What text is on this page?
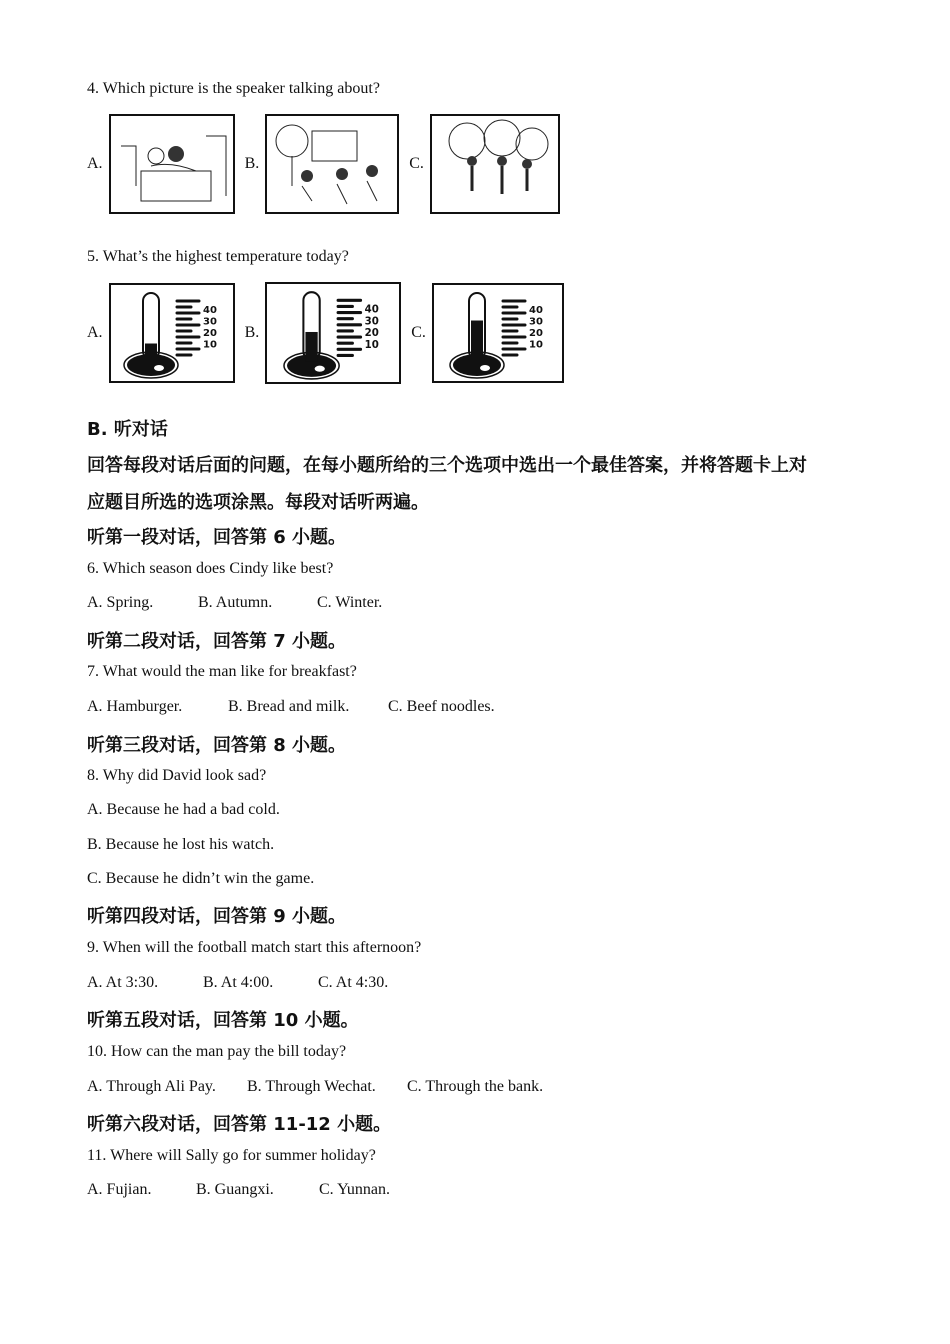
4. Which picture is the speaker talking about?
A.	B.	C.
5. What’s the highest temperature today?
A.
40
30
20
10
B.
40
30
20
10
C.
40
30
20
10
B. 听对话
回答每段对话后面的问题，在每小题所给的三个选项中选出一个最佳答案，并将答题卡上对
应题目所选的选项涂黑。每段对话听两遍。
听第一段对话，回答第 6 小题。
6. Which season does Cindy like best?
A. Spring.	B. Autumn.	C. Winter.
听第二段对话，回答第 7 小题。
7. What would the man like for breakfast?
A. Hamburger.	B. Bread and milk. C. Beef noodles.
听第三段对话，回答第 8 小题。
8. Why did David look sad?
A. Because he had a bad cold.
B. Because he lost his watch.
C. Because he didn’t win the game.
听第四段对话，回答第 9 小题。
9. When will the football match start this afternoon?
A. At 3:30.	B. At 4:00.	C. At 4:30.
听第五段对话，回答第 10 小题。
10. How can the man pay the bill today?
A. Through Ali Pay. B. Through Wechat. C. Through the bank.
听第六段对话，回答第 11-12 小题。
11. Where will Sally go for summer holiday?
A. Fujian.	B. Guangxi.	C. Yunnan.
